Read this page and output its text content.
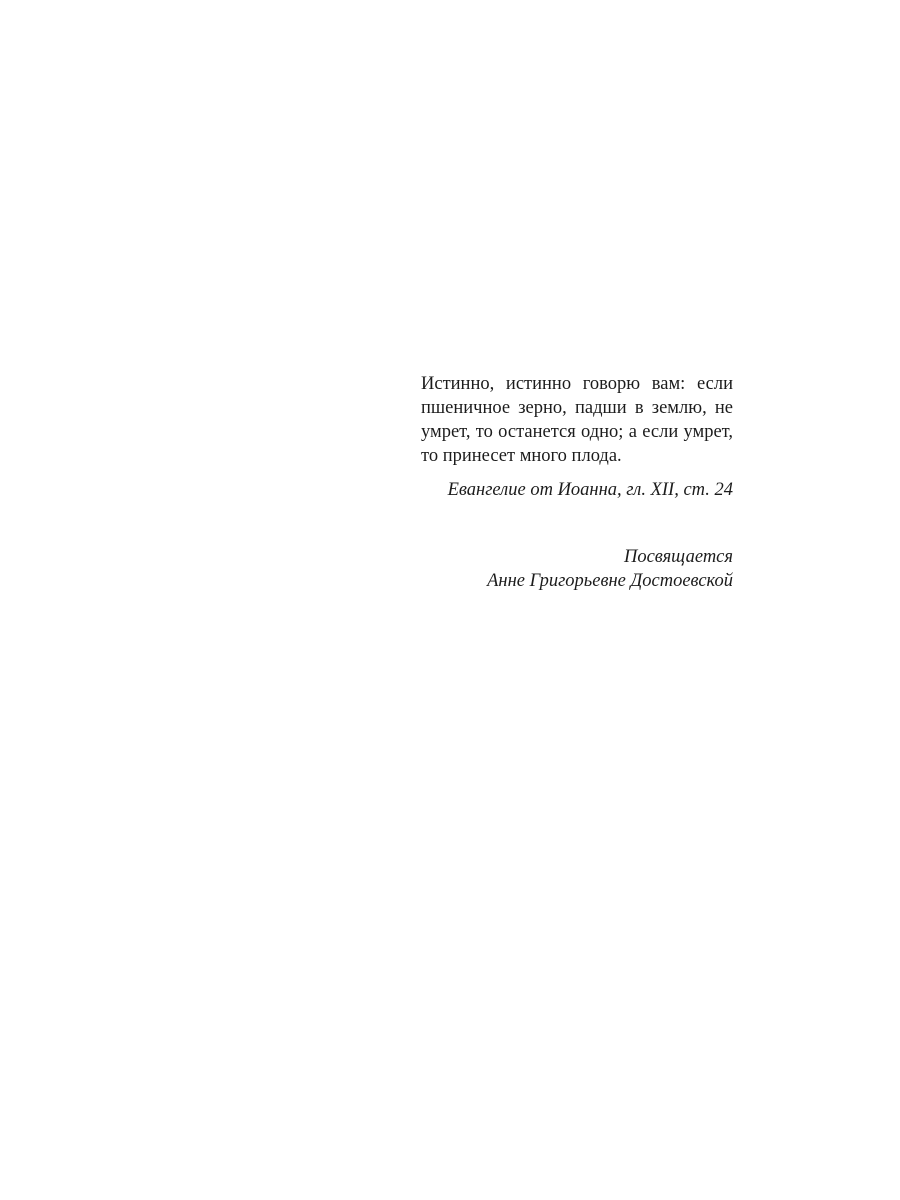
Истинно, истинно говорю вам: если
пшеничное зерно, падши в землю, не
умрет, то останется одно; а если умрет,
то принесет много плода.
Евангелие от Иоанна, гл. XII, ст. 24
Посвящается
Анне Григорьевне Достоевской
